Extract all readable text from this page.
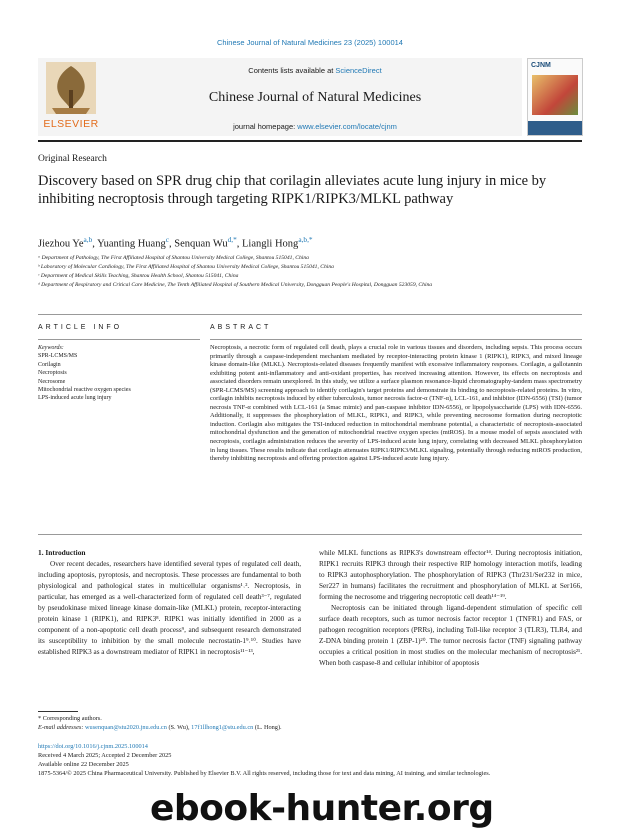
Chinese Journal of Natural Medicines 23 (2025) 100014
ELSEVIER
Contents lists available at ScienceDirect
Chinese Journal of Natural Medicines
journal homepage: www.elsevier.com/locate/cjnm
CJNM
Original Research
Discovery based on SPR drug chip that corilagin alleviates acute lung injury in mice by inhibiting necroptosis through targeting RIPK1/RIPK3/MLKL pathway
Jiezhou Ye$^{a,b}$, Yuanting Huang$^c$, Senquan $Wu^{d,*}$, Liangli Hong$^{a,b,*}$
ᵃ Department of Pathology, The First Affiliated Hospital of Shantou University Medical College, Shantou 515041, China
ᵇ Laboratory of Molecular Cardiology, The First Affiliated Hospital of Shantou University Medical College, Shantou 515041, China
ᶜ Department of Medical Skills Teaching, Shantou Health School, Shantou 515041, China
ᵈ Department of Respiratory and Critical Care Medicine, The Tenth Affiliated Hospital of Southern Medical University, Dongguan People's Hospital, Dongguan 523059, China
ARTICLE INFO	ABSTRACT
Keywords:
SPR-LCMS/MS
Corilagin
Necroptosis
Necrosome
Mitochondrial reactive oxygen species
LPS-induced acute lung injury
Necroptosis, a necrotic form of regulated cell death, plays a crucial role in various tissues and disorders, including sepsis. This process occurs primarily through a caspase-independent mechanism mediated by receptor-interacting protein kinase 1 (RIPK1), RIPK3, and mixed lineage kinase domain-like (MLKL). Necroptosis-related diseases frequently manifest with excessive inflammatory responses. Corilagin, a gallotannin exhibiting potent anti-inflammatory and anti-oxidant properties, has received increasing attention. However, its effects on necroptosis and associated disorders remain unexplored. In this study, we utilize a surface plasmon resonance-liquid chromatography-tandem mass spectrometry (SPR-LCMS/MS) screening approach to identify corilagin's target proteins and demonstrate its binding to necroptosis-related proteins. In vitro, corilagin inhibits necroptosis induced by either tuberculosis, tumor necrosis factor-α (TNF-α), LCL-161, and inhibitor (IDN-6556) (TSI) (tumor necrosis TNF-α combined with LCL-161 (a Smac mimic) and pan-caspase inhibitor IDN-6556), or lipopolysaccharide (LPS) with IDN-6556. Additionally, it suppresses the phosphorylation of MLKL, RIPK1, and RIPK3, while preventing necrosome formation during necroptotic induction. Corilagin also mitigates the TSI-induced reduction in mitochondrial membrane potential, a characteristic of necroptosis-associated mitochondrial dysfunction and the generation of mitochondrial reactive oxygen species (mtROS). In a mouse model of sepsis associated with necroptosis, corilagin administration reduces the severity of LPS-induced acute lung injury, correlating with decreased MLKL phosphorylation in lung tissues. These results indicate that corilagin attenuates RIPK1/RIPK3/MLKL signaling, potentially through reducing mtROS production, thereby inhibiting necroptosis and offering protection against LPS-induced acute lung injury.

1. Introduction

Over recent decades, researchers have identified several types of regulated cell death, including apoptosis, pyroptosis, and necroptosis. These processes are fundamental to both physiological and pathological states in multicellular organisms¹˒². Necroptosis, in particular, has emerged as a well-characterized form of regulated cell death³⁻⁷, regulated by pseudokinase mixed lineage kinase domain-like (MLKL) protein, receptor-interacting protein kinase 1 (RIPK1), and RIPK3⁸. RIPK1 was initially identified in 2000 as a component of a non-apoptotic cell death process⁹, and subsequent research demonstrated its susceptibility to inhibition by the small molecule necrostatin-1⁹˒¹⁰. Studies have established RIPK3 as a downstream mediator of RIPK1 in necroptosis¹¹⁻¹³,

while MLKL functions as RIPK3's downstream effector¹⁴. During necroptosis initiation, RIPK1 recruits RIPK3 through their respective RIP homology interaction motifs, leading to RIPK3 autophosphorylation. The phosphorylation of RIPK3 (Thr231/Ser232 in mice, Ser227 in humans) facilitates the recruitment and phosphorylation of MLKL at Ser166, forming the necrosome and triggering necroptotic cell death¹⁴⁻¹⁹.

Necroptosis can be initiated through ligand-dependent stimulation of specific cell surface death receptors, such as tumor necrosis factor receptor 1 (TNFR1) and FAS, or pathogen recognition receptors (PRRs), including Toll-like receptor 3 (TLR3), TLR4, and Z-DNA binding protein 1 (ZBP-1)²⁰. The tumor necrosis factor (TNF) signaling pathway occupies a critical position in most studies on the molecular mechanism of necroptosis²¹. When both caspase-8 and cellular inhibitor of apoptosis

* Corresponding authors.
E-mail addresses: wusenquan@stu2020.jnu.edu.cn (S. Wu), 17f1llhong1@stu.edu.cn (L. Hong).
https://doi.org/10.1016/j.cjnm.2025.100014
Received 4 March 2025; Accepted 2 December 2025
Available online 22 December 2025
1875-5364/© 2025 China Pharmaceutical University. Published by Elsevier B.V. All rights reserved, including those for text and data mining, AI training, and similar technologies.
ebook-hunter.org
